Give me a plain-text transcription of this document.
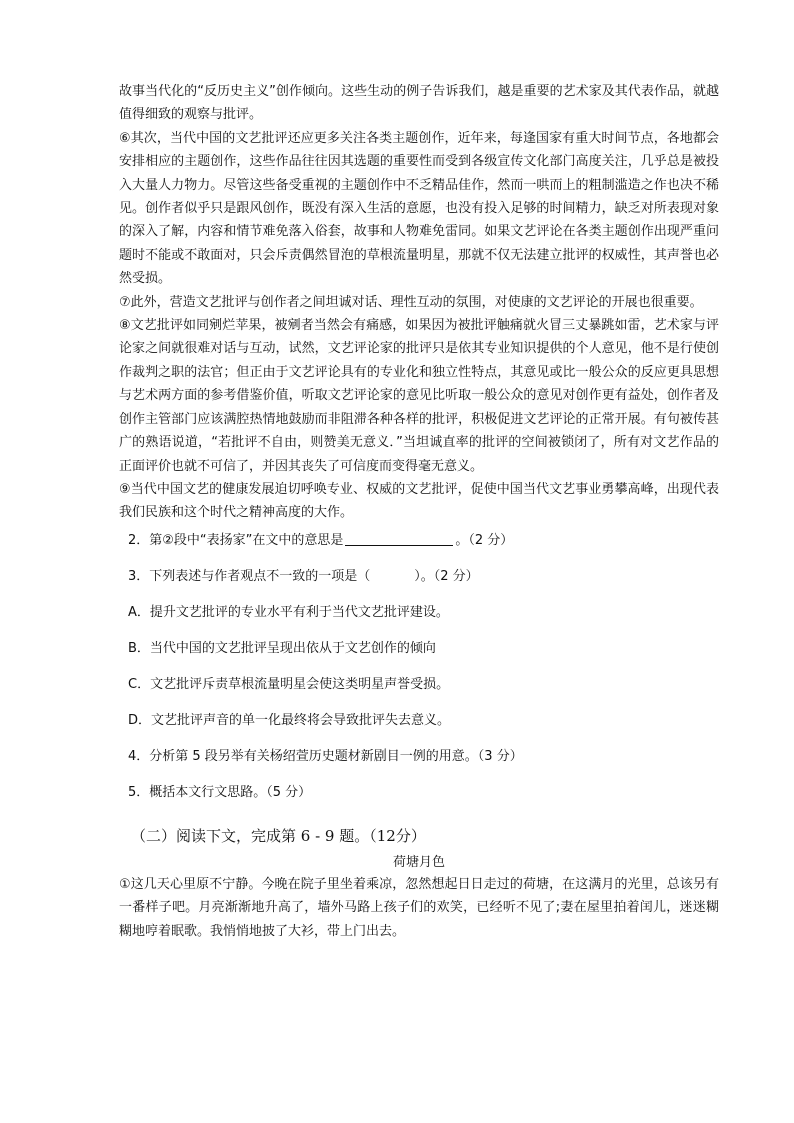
故事当代化的“反历史主义”创作倾向。这些生动的例子告诉我们，越是重要的艺术家及其代表作品，就越值得细致的观察与批评。

⑥其次，当代中国的文艺批评还应更多关注各类主题创作，近年来，每逢国家有重大时间节点，各地都会安排相应的主题创作，这些作品往往因其选题的重要性而受到各级宣传文化部门高度关注，几乎总是被投入大量人力物力。尽管这些备受重视的主题创作中不乏精品佳作，然而一哄而上的粗制滥造之作也决不稀见。创作者似乎只是跟风创作，既没有深入生活的意愿，也没有投入足够的时间精力，缺乏对所表现对象的深入了解，内容和情节难免落入俗套，故事和人物难免雷同。如果文艺评论在各类主题创作出现严重问题时不能或不敢面对，只会斥责偶然冒泡的草根流量明星，那就不仅无法建立批评的权威性，其声誉也必然受损。

⑦此外，营造文艺批评与创作者之间坦诚对话、理性互动的氛围，对使康的文艺评论的开展也很重要。

⑧文艺批评如同剜烂苹果，被剜者当然会有痛感，如果因为被批评触痛就火冒三丈暴跳如雷，艺术家与评论家之间就很难对话与互动，试然，文艺评论家的批评只是依其专业知识提供的个人意见，他不是行使创作裁判之职的法官；但正由于文艺评论具有的专业化和独立性特点，其意见或比一般公众的反应更具思想与艺术两方面的参考借鉴价值，听取文艺评论家的意见比听取一般公众的意见对创作更有益处，创作者及创作主管部门应该满腔热情地鼓励而非阻滞各种各样的批评，积极促进文艺评论的正常开展。有句被传甚广的熟语说道，“若批评不自由，则赞美无意义．”当坦诚直率的批评的空间被锁闭了，所有对文艺作品的正面评价也就不可信了，并因其丧失了可信度而变得毫无意义。

⑨当代中国文艺的健康发展迫切呼唤专业、权威的文艺批评，促使中国当代文艺事业勇攀高峰，出现代表我们民族和这个时代之精神高度的大作。

2．第②段中“表扬家”在文中的意思是	。（2 分）
3．下列表述与作者观点不一致的一项是（	）。（2 分）
A．提升文艺批评的专业水平有利于当代文艺批评建设。
B．当代中国的文艺批评呈现出依从于文艺创作的倾向
C．文艺批评斥责草根流量明星会使这类明星声誉受损。
D．文艺批评声音的单一化最终将会导致批评失去意义。
4．分析第 5 段另举有关杨绍萱历史题材新剧目一例的用意。（3 分）
5．概括本文行文思路。（5 分）
（二）阅读下文，完成第 6 - 9 题。（12分）
荷塘月色

①这几天心里原不宁静。今晚在院子里坐着乘凉，忽然想起日日走过的荷塘，在这满月的光里，总该另有一番样子吧。月亮渐渐地升高了，墙外马路上孩子们的欢笑，已经听不见了;妻在屋里拍着闰儿，迷迷糊糊地哼着眠歌。我悄悄地披了大衫，带上门出去。
